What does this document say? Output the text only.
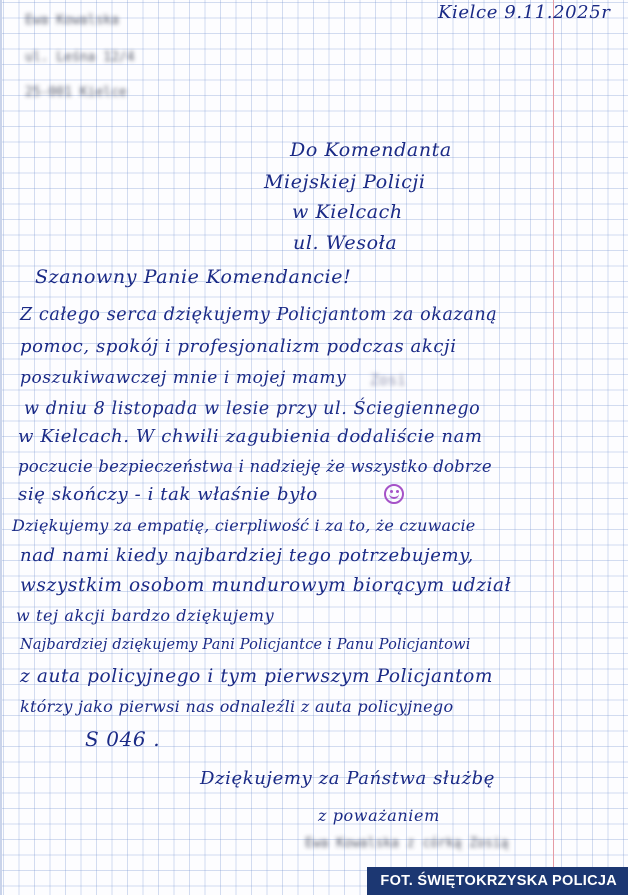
Ewa Kowalska
ul. Leśna 12/4
25-001 Kielce
Kielce 9.11.2025r
Do Komendanta
Miejskiej Policji
w Kielcach
ul. Wesoła
Szanowny Panie Komendancie!
Z całego serca dziękujemy Policjantom za okazaną
pomoc, spokój i profesjonalizm podczas akcji
poszukiwawczej mnie i mojej mamy Zosi
w dniu 8 listopada w lesie przy ul. Ściegiennego
w Kielcach. W chwili zagubienia dodaliście nam
poczucie bezpieczeństwa i nadzieję że wszystko dobrze
się skończy - i tak właśnie było
Dziękujemy za empatię, cierpliwość i za to, że czuwacie
nad nami kiedy najbardziej tego potrzebujemy,
wszystkim osobom mundurowym biorącym udział
w tej akcji bardzo dziękujemy
Najbardziej dziękujemy Pani Policjantce i Panu Policjantowi
z auta policyjnego i tym pierwszym Policjantom
którzy jako pierwsi nas odnaleźli z auta policyjnego
S 046 .
Dziękujemy za Państwa służbę
z poważaniem
Ewa Kowalska z córką Zosią
FOT. ŚWIĘTOKRZYSKA POLICJA
